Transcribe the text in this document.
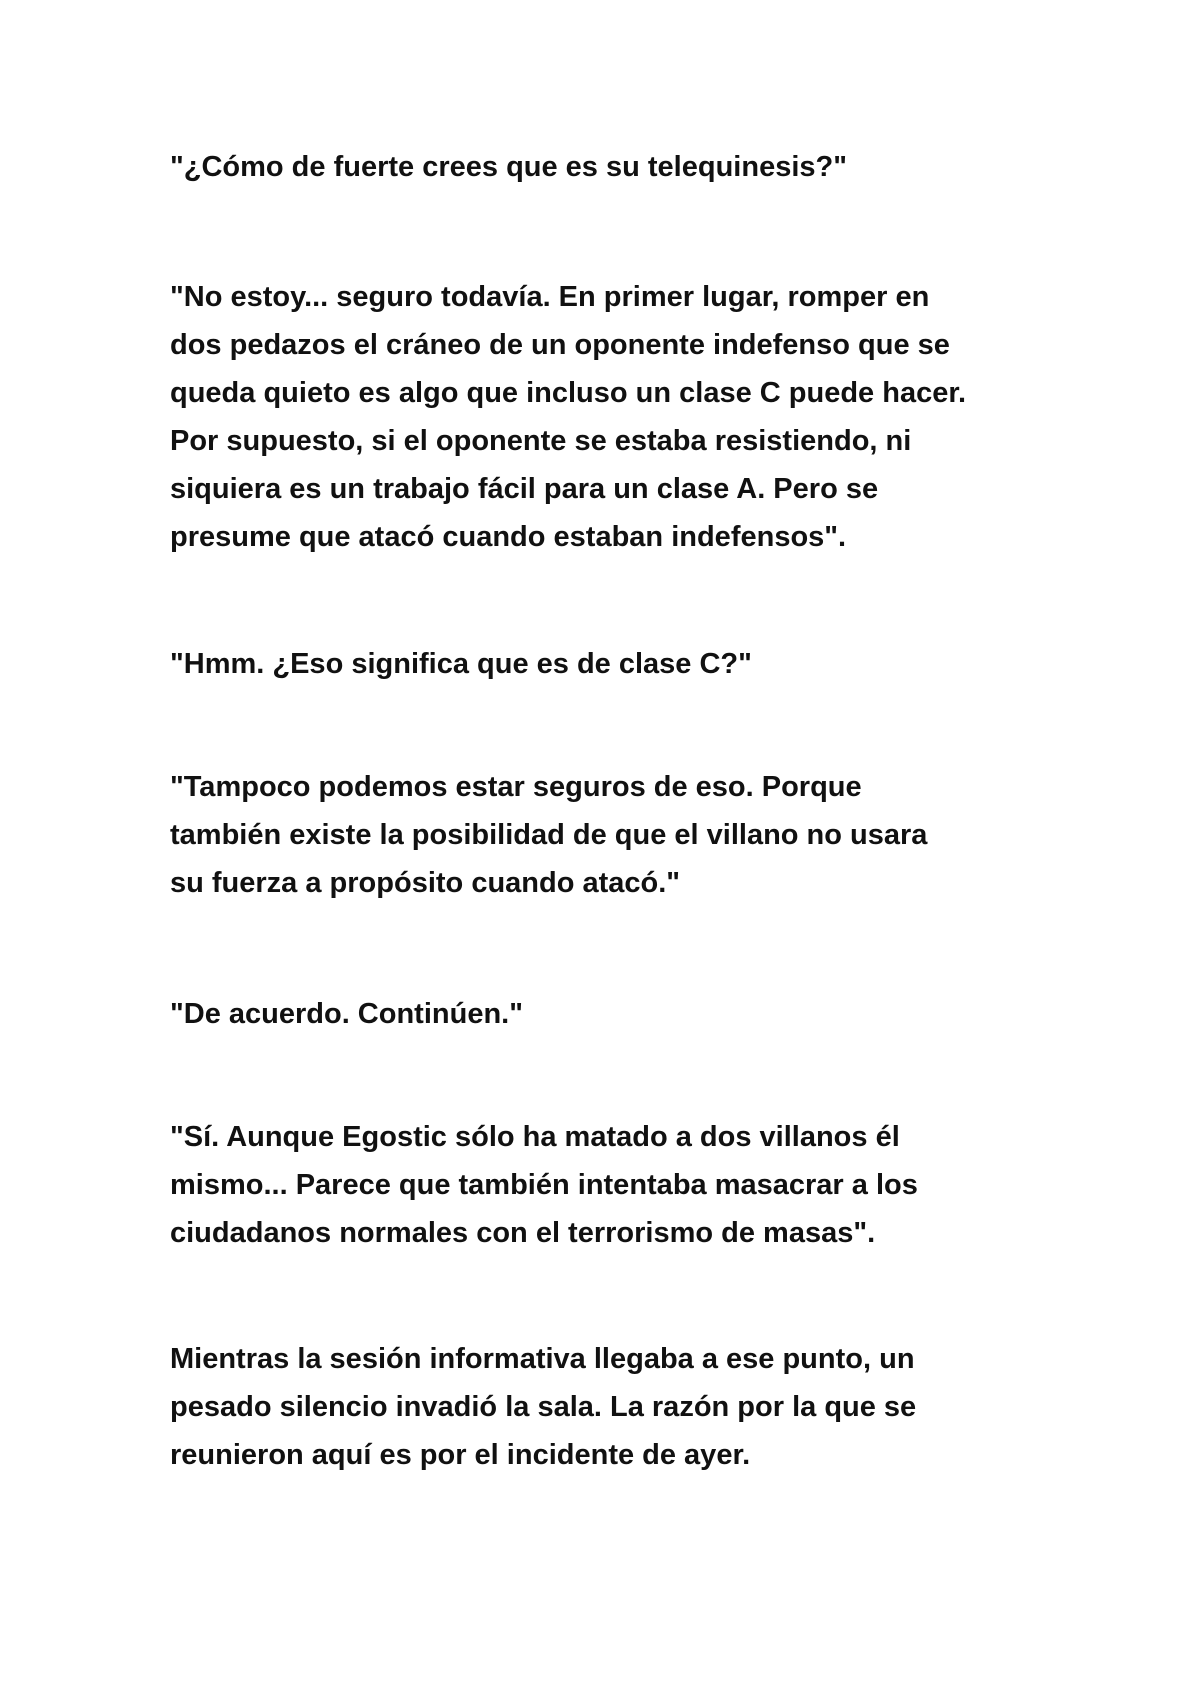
"¿Cómo de fuerte crees que es su telequinesis?"

"No estoy... seguro todavía. En primer lugar, romper en
dos pedazos el cráneo de un oponente indefenso que se
queda quieto es algo que incluso un clase C puede hacer.
Por supuesto, si el oponente se estaba resistiendo, ni
siquiera es un trabajo fácil para un clase A. Pero se
presume que atacó cuando estaban indefensos".

"Hmm. ¿Eso significa que es de clase C?"

"Tampoco podemos estar seguros de eso. Porque
también existe la posibilidad de que el villano no usara
su fuerza a propósito cuando atacó."

"De acuerdo. Continúen."

"Sí. Aunque Egostic sólo ha matado a dos villanos él
mismo... Parece que también intentaba masacrar a los
ciudadanos normales con el terrorismo de masas".

Mientras la sesión informativa llegaba a ese punto, un
pesado silencio invadió la sala. La razón por la que se
reunieron aquí es por el incidente de ayer.
